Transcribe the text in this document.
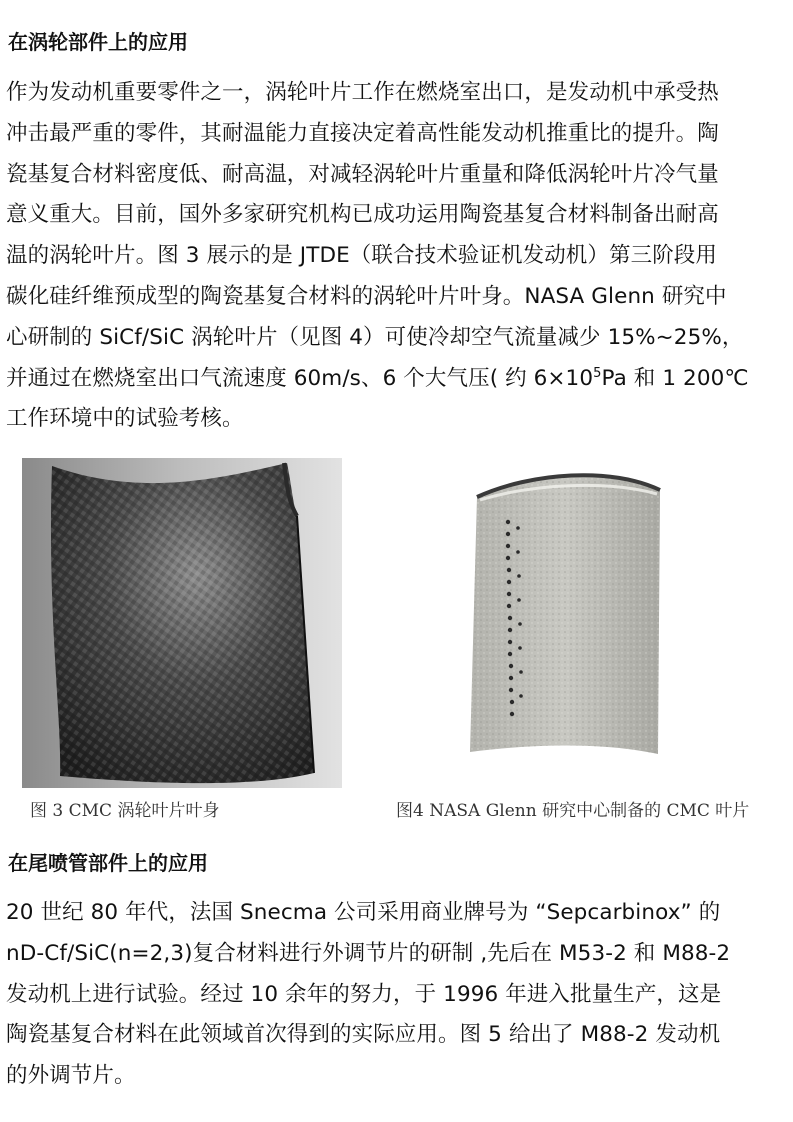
在涡轮部件上的应用
作为发动机重要零件之一，涡轮叶片工作在燃烧室出口，是发动机中承受热
冲击最严重的零件，其耐温能力直接决定着高性能发动机推重比的提升。陶
瓷基复合材料密度低、耐高温，对减轻涡轮叶片重量和降低涡轮叶片冷气量
意义重大。目前，国外多家研究机构已成功运用陶瓷基复合材料制备出耐高
温的涡轮叶片。图 3 展示的是 JTDE（联合技术验证机发动机）第三阶段用
碳化硅纤维预成型的陶瓷基复合材料的涡轮叶片叶身。NASA Glenn 研究中
心研制的 SiCf/SiC 涡轮叶片（见图 4）可使冷却空气流量减少 15%~25%，
并通过在燃烧室出口气流速度 60m/s、6 个大气压( 约 $6\times 10^5Pa$ 和 1 200℃
工作环境中的试验考核。
图 3 CMC 涡轮叶片叶身	图4 NASA Glenn 研究中心制备的 CMC 叶片
在尾喷管部件上的应用
20 世纪 80 年代，法国 Snecma 公司采用商业牌号为 “Sepcarbinox” 的
nD-Cf/SiC(n=2,3)复合材料进行外调节片的研制 ,先后在 M53-2 和 M88-2
发动机上进行试验。经过 10 余年的努力，于 1996 年进入批量生产，这是
陶瓷基复合材料在此领域首次得到的实际应用。图 5 给出了 M88-2 发动机
的外调节片。
